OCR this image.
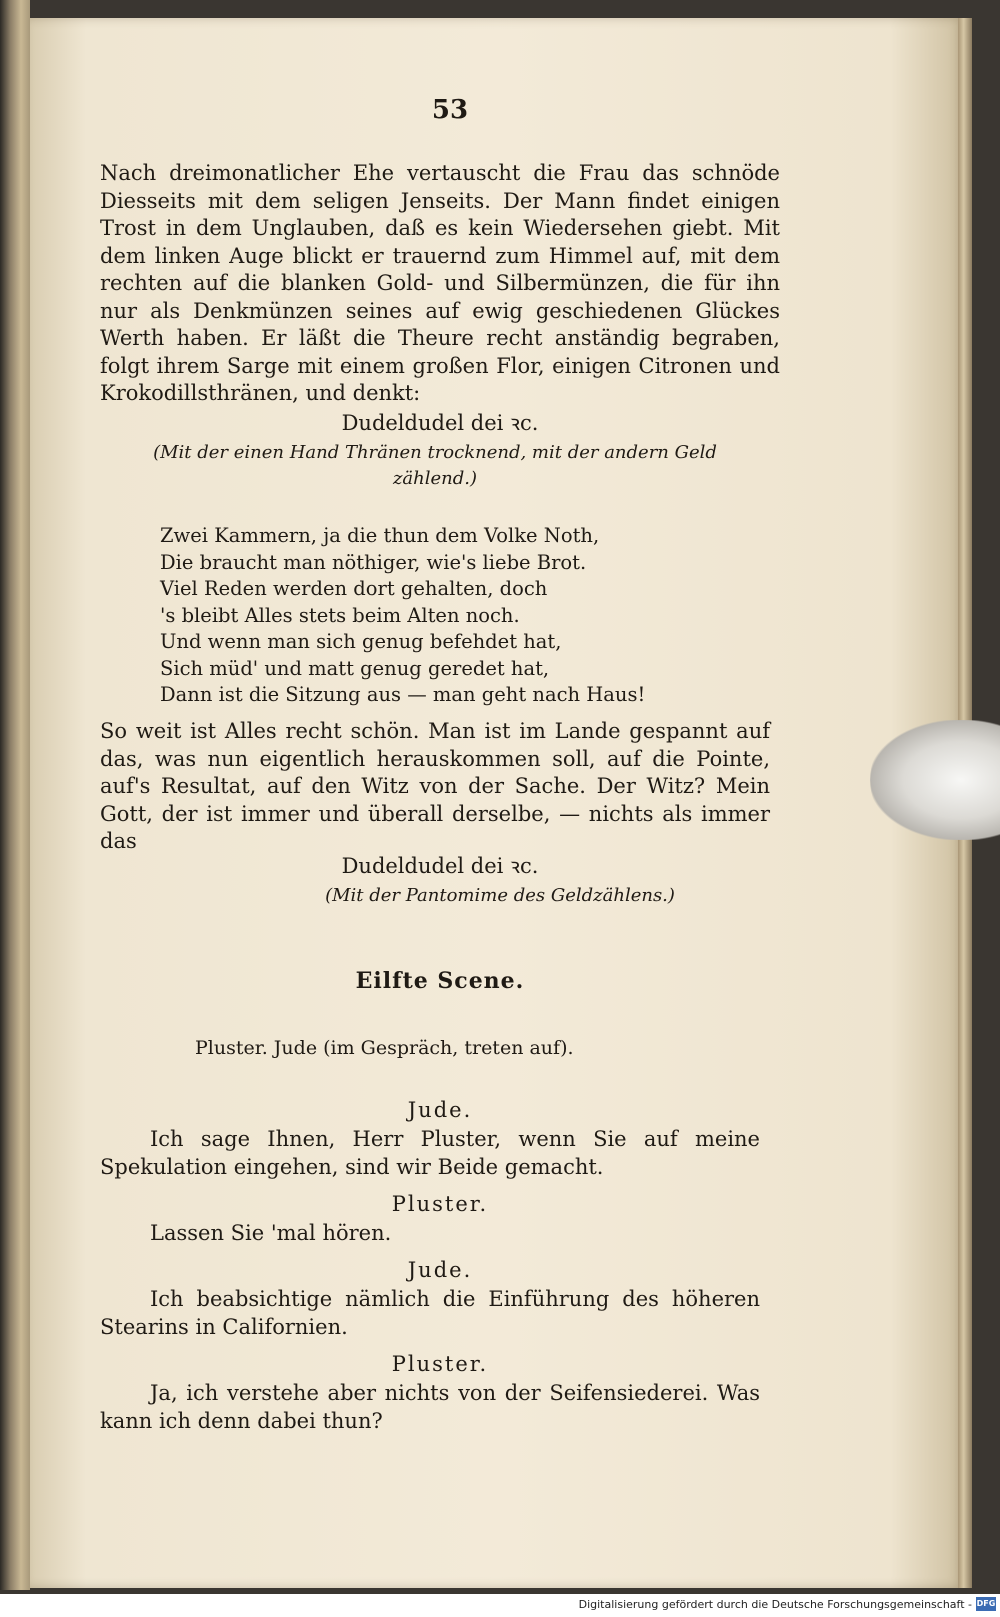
53

Nach dreimonatlicher Ehe vertauscht die Frau das schnöde Diesseits mit dem seligen Jenseits. Der Mann findet einigen Trost in dem Unglauben, daß es kein Wiedersehen giebt. Mit dem linken Auge blickt er trauernd zum Himmel auf, mit dem rechten auf die blanken Gold- und Silbermünzen, die für ihn nur als Denkmünzen seines auf ewig geschiedenen Glückes Werth haben. Er läßt die Theure recht anständig begraben, folgt ihrem Sarge mit einem großen Flor, einigen Citronen und Krokodillsthränen, und denkt:

Dudeldudel dei ꝛc.
(Mit der einen Hand Thränen trocknend, mit der andern Geld zählend.)
Zwei Kammern, ja die thun dem Volke Noth,
Die braucht man nöthiger, wie's liebe Brot.
Viel Reden werden dort gehalten, doch
's bleibt Alles stets beim Alten noch.
Und wenn man sich genug befehdet hat,
Sich müd' und matt genug geredet hat,
Dann ist die Sitzung aus — man geht nach Haus!

So weit ist Alles recht schön. Man ist im Lande gespannt auf das, was nun eigentlich herauskommen soll, auf die Pointe, auf's Resultat, auf den Witz von der Sache. Der Witz? Mein Gott, der ist immer und überall derselbe, — nichts als immer das

Dudeldudel dei ꝛc.
(Mit der Pantomime des Geldzählens.)
Eilfte Scene.
Pluster. Jude (im Gespräch, treten auf).
Jude.
Ich sage Ihnen, Herr Pluster, wenn Sie auf meine Spekulation eingehen, sind wir Beide gemacht.
Pluster.
Lassen Sie 'mal hören.
Jude.
Ich beabsichtige nämlich die Einführung des höheren Stearins in Californien.
Pluster.
Ja, ich verstehe aber nichts von der Seifensiederei. Was kann ich denn dabei thun?
Digitalisierung gefördert durch die Deutsche Forschungsgemeinschaft - DFG
